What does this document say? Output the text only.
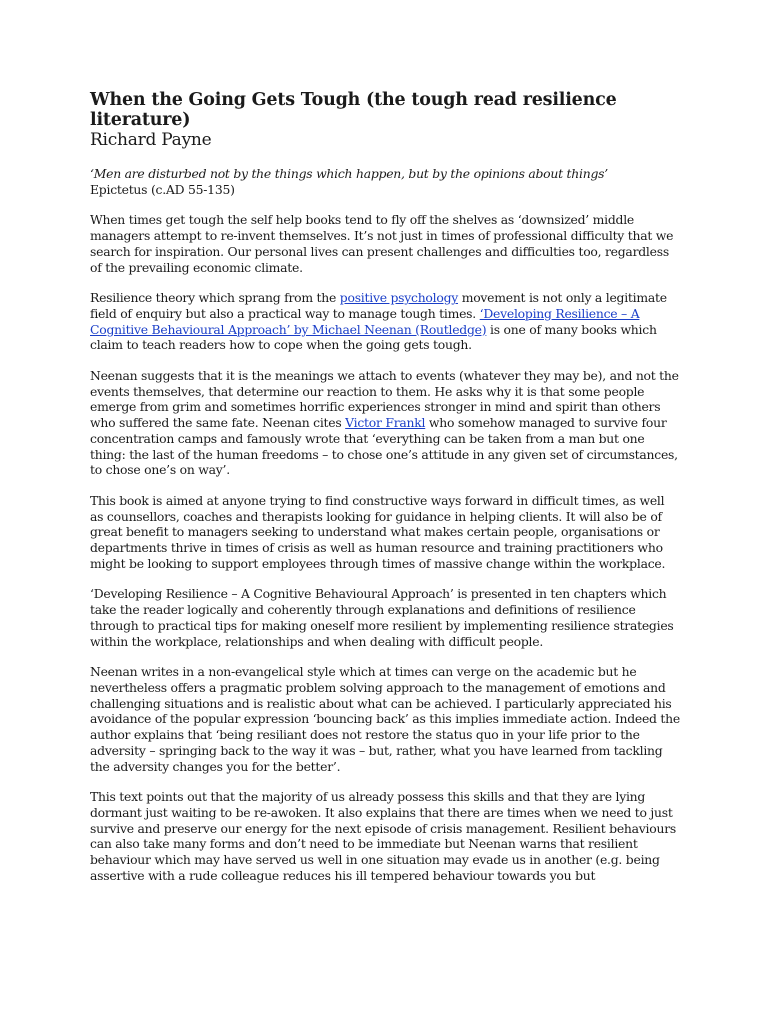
When the Going Gets Tough (the tough read resilience literature)
Richard Payne
‘Men are disturbed not by the things which happen, but by the opinions about things’
Epictetus (c.AD 55-135)

When times get tough the self help books tend to fly off the shelves as ‘downsized’ middle managers attempt to re-invent themselves. It’s not just in times of professional difficulty that we search for inspiration. Our personal lives can present challenges and difficulties too, regardless of the prevailing economic climate.

Resilience theory which sprang from the positive psychology movement is not only a legitimate field of enquiry but also a practical way to manage tough times. ‘Developing Resilience – A Cognitive Behavioural Approach’ by Michael Neenan (Routledge) is one of many books which claim to teach readers how to cope when the going gets tough.

Neenan suggests that it is the meanings we attach to events (whatever they may be), and not the events themselves, that determine our reaction to them. He asks why it is that some people emerge from grim and sometimes horrific experiences stronger in mind and spirit than others who suffered the same fate. Neenan cites Victor Frankl who somehow managed to survive four concentration camps and famously wrote that ‘everything can be taken from a man but one thing: the last of the human freedoms – to chose one’s attitude in any given set of circumstances, to chose one’s on way’.

This book is aimed at anyone trying to find constructive ways forward in difficult times, as well as counsellors, coaches and therapists looking for guidance in helping clients. It will also be of great benefit to managers seeking to understand what makes certain people, organisations or departments thrive in times of crisis as well as human resource and training practitioners who might be looking to support employees through times of massive change within the workplace.

‘Developing Resilience – A Cognitive Behavioural Approach’ is presented in ten chapters which take the reader logically and coherently through explanations and definitions of resilience through to practical tips for making oneself more resilient by implementing resilience strategies within the workplace, relationships and when dealing with difficult people.

Neenan writes in a non-evangelical style which at times can verge on the academic but he nevertheless offers a pragmatic problem solving approach to the management of emotions and challenging situations and is realistic about what can be achieved. I particularly appreciated his avoidance of the popular expression ‘bouncing back’ as this implies immediate action. Indeed the author explains that ‘being resiliant does not restore the status quo in your life prior to the adversity – springing back to the way it was – but, rather, what you have learned from tackling the adversity changes you for the better’.

This text points out that the majority of us already possess this skills and that they are lying dormant just waiting to be re-awoken. It also explains that there are times when we need to just survive and preserve our energy for the next episode of crisis management. Resilient behaviours can also take many forms and don’t need to be immediate but Neenan warns that resilient behaviour which may have served us well in one situation may evade us in another (e.g. being assertive with a rude colleague reduces his ill tempered behaviour towards you but
